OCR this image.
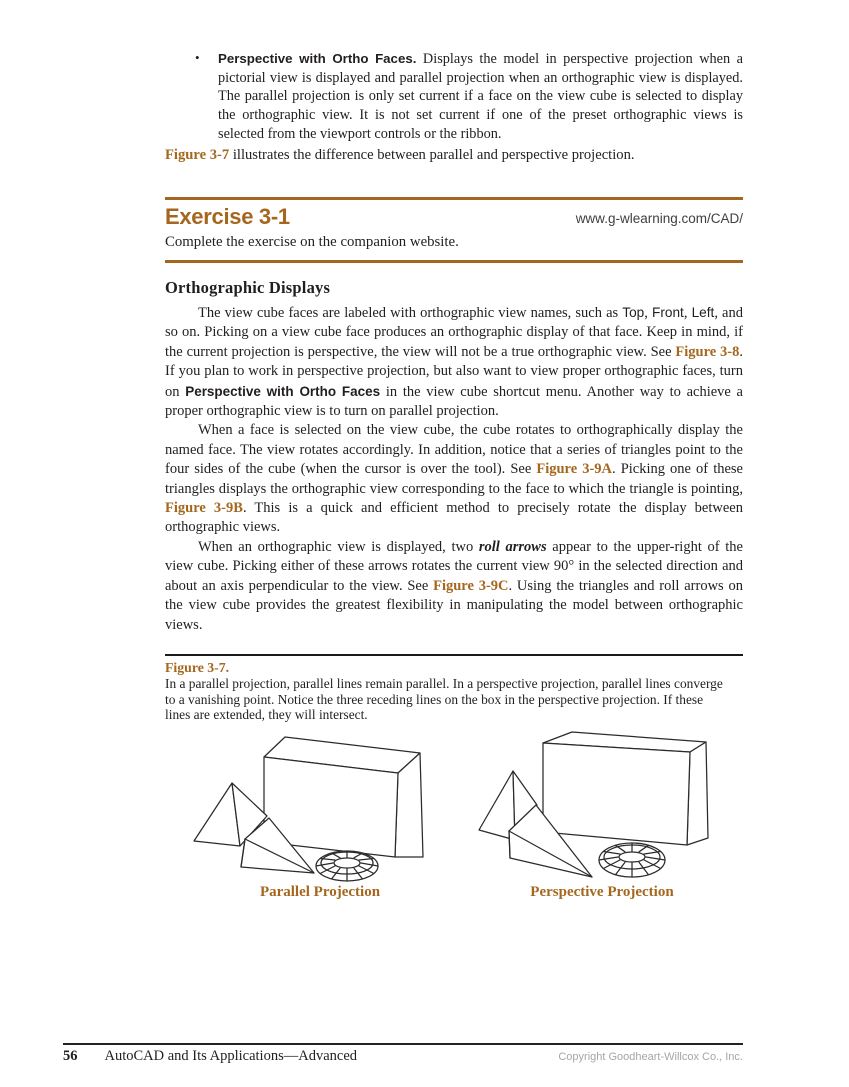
• Perspective with Ortho Faces. Displays the model in perspective projection when a pictorial view is displayed and parallel projection when an orthographic view is displayed. The parallel projection is only set current if a face on the view cube is selected to display the orthographic view. It is not set current if one of the preset orthographic views is selected from the viewport controls or the ribbon.
Figure 3-7 illustrates the difference between parallel and perspective projection.
Exercise 3-1	www.g-wlearning.com/CAD/
Complete the exercise on the companion website.
Orthographic Displays

The view cube faces are labeled with orthographic view names, such as Top, Front, Left, and so on. Picking on a view cube face produces an orthographic display of that face. Keep in mind, if the current projection is perspective, the view will not be a true orthographic view. See Figure 3-8. If you plan to work in perspective projection, but also want to view proper orthographic faces, turn on Perspective with Ortho Faces in the view cube shortcut menu. Another way to achieve a proper orthographic view is to turn on parallel projection.

When a face is selected on the view cube, the cube rotates to orthographically display the named face. The view rotates accordingly. In addition, notice that a series of triangles point to the four sides of the cube (when the cursor is over the tool). See Figure 3-9A. Picking one of these triangles displays the orthographic view corresponding to the face to which the triangle is pointing, Figure 3-9B. This is a quick and efficient method to precisely rotate the display between orthographic views.

When an orthographic view is displayed, two roll arrows appear to the upper-right of the view cube. Picking either of these arrows rotates the current view 90° in the selected direction and about an axis perpendicular to the view. See Figure 3-9C. Using the triangles and roll arrows on the view cube provides the greatest flexibility in manipulating the model between orthographic views.

Figure 3-7.
In a parallel projection, parallel lines remain parallel. In a perspective projection, parallel lines converge to a vanishing point. Notice the three receding lines on the box in the perspective projection. If these lines are extended, they will intersect.
Parallel Projection	Perspective Projection
56 AutoCAD and Its Applications—Advanced	Copyright Goodheart-Willcox Co., Inc.
